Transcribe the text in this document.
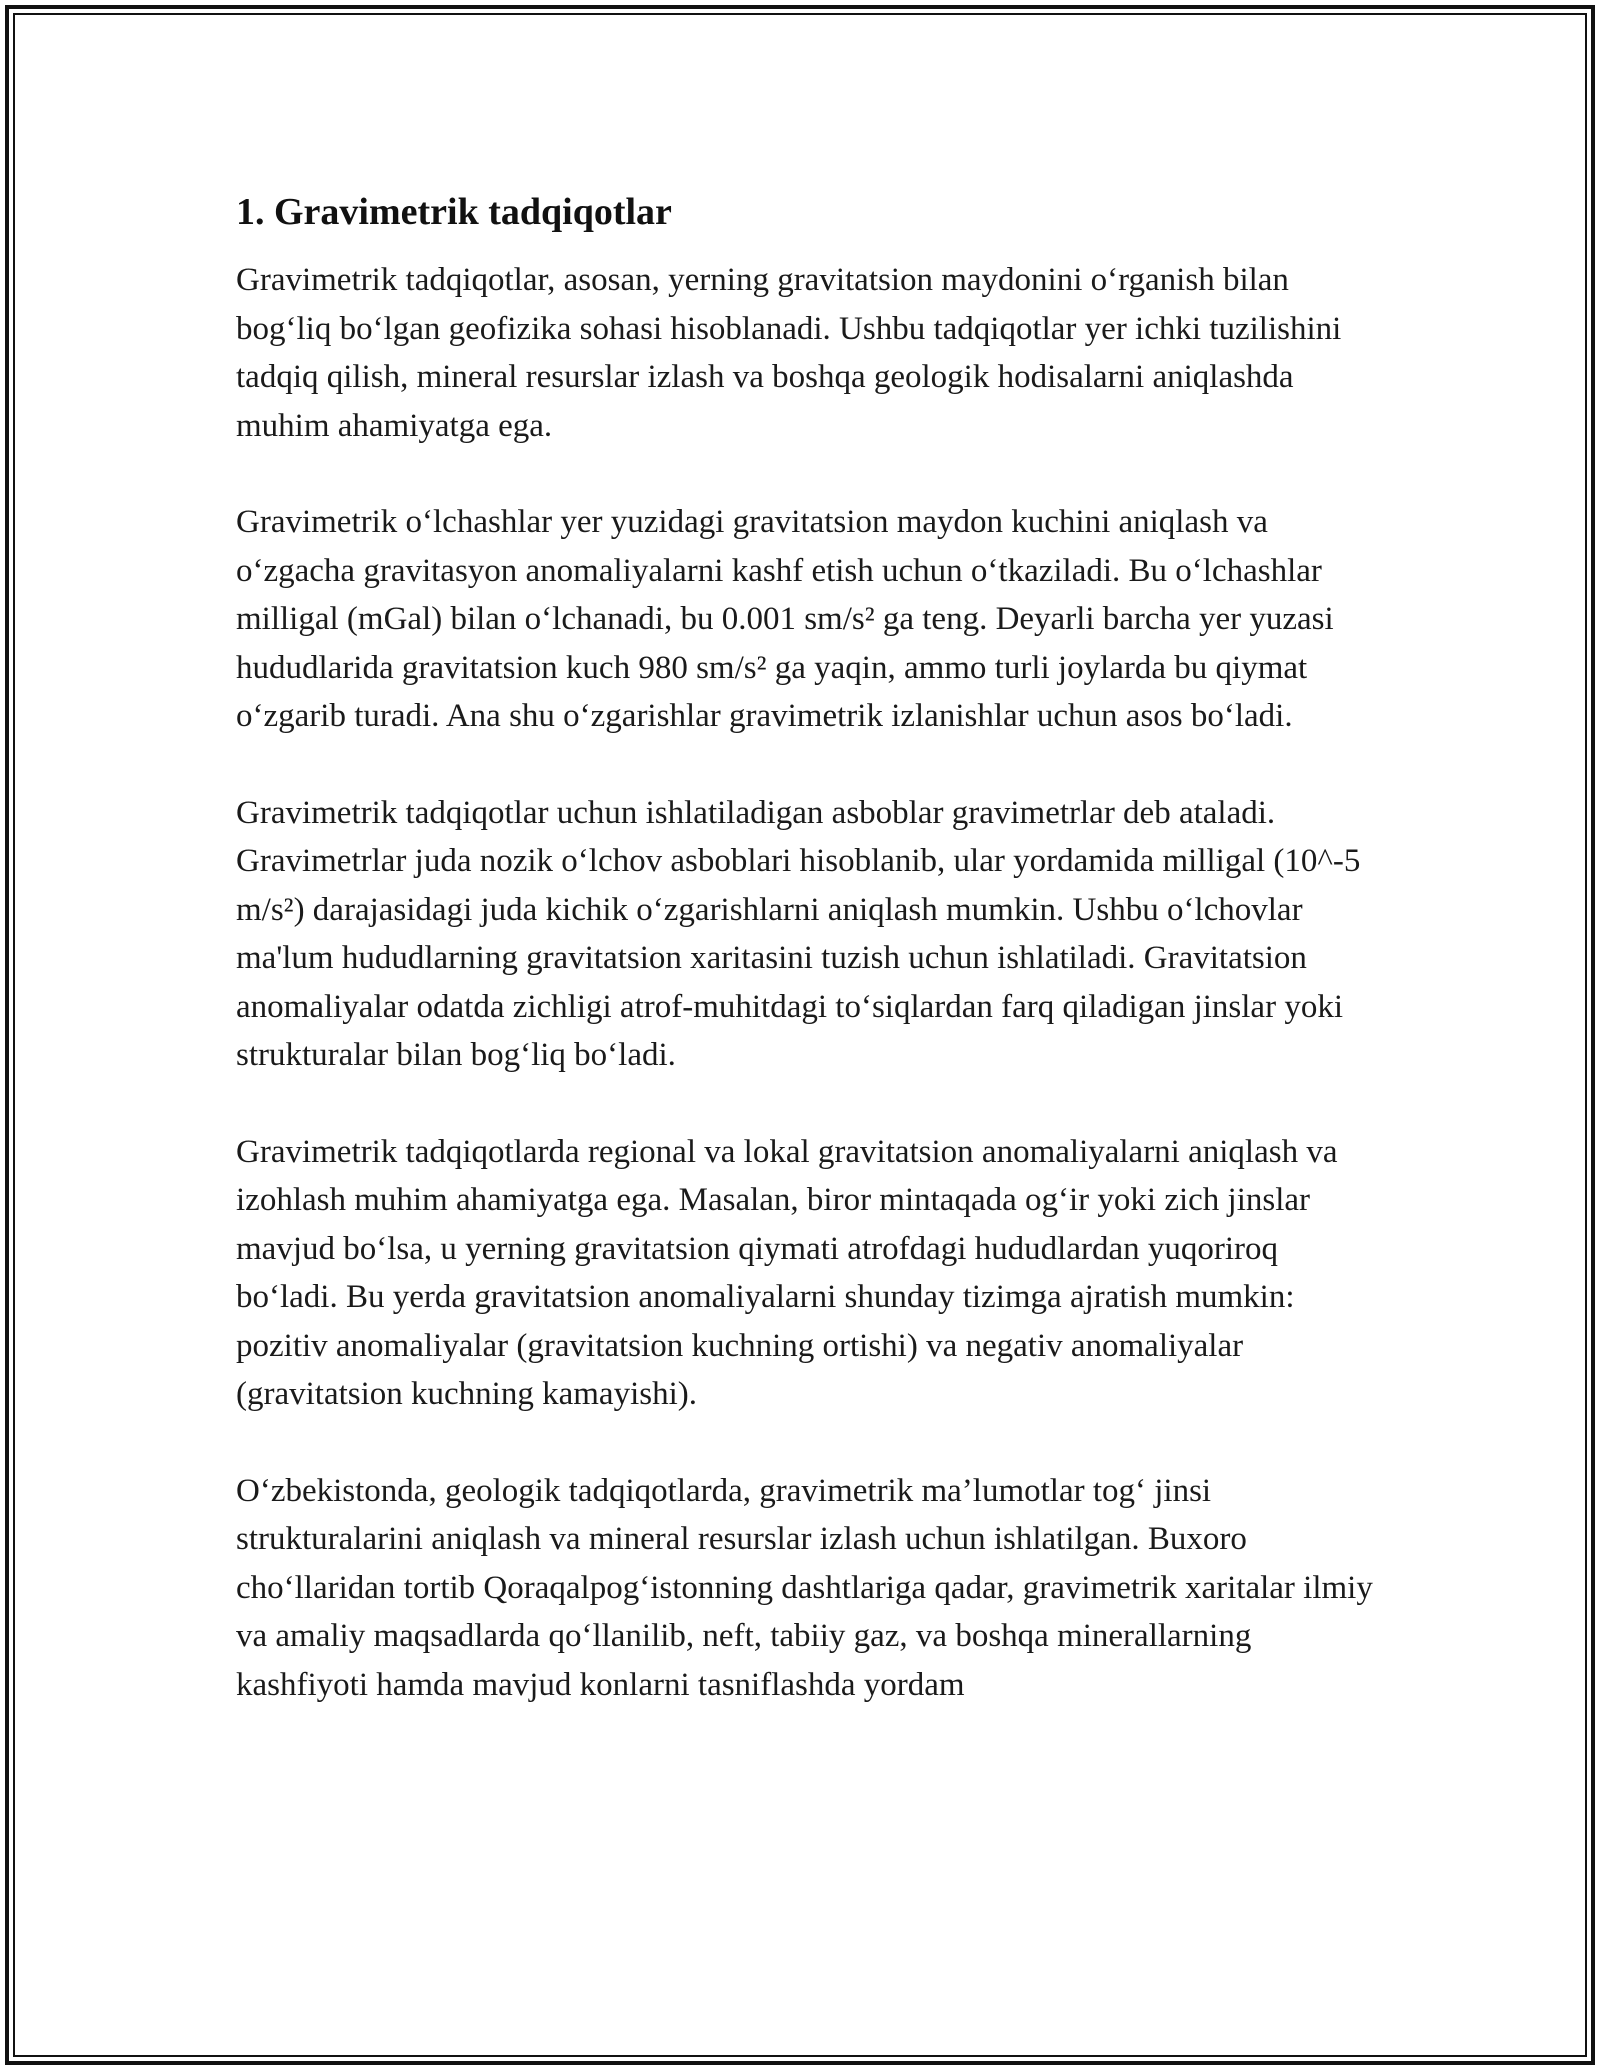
1. Gravimetrik tadqiqotlar

Gravimetrik tadqiqotlar, asosan, yerning gravitatsion maydonini o‘rganish bilan bog‘liq bo‘lgan geofizika sohasi hisoblanadi. Ushbu tadqiqotlar yer ichki tuzilishini tadqiq qilish, mineral resurslar izlash va boshqa geologik hodisalarni aniqlashda muhim ahamiyatga ega.

Gravimetrik o‘lchashlar yer yuzidagi gravitatsion maydon kuchini aniqlash va o‘zgacha gravitasyon anomaliyalarni kashf etish uchun o‘tkaziladi. Bu o‘lchashlar milligal (mGal) bilan o‘lchanadi, bu 0.001 sm/s² ga teng. Deyarli barcha yer yuzasi hududlarida gravitatsion kuch 980 sm/s² ga yaqin, ammo turli joylarda bu qiymat o‘zgarib turadi. Ana shu o‘zgarishlar gravimetrik izlanishlar uchun asos bo‘ladi.

Gravimetrik tadqiqotlar uchun ishlatiladigan asboblar gravimetrlar deb ataladi. Gravimetrlar juda nozik o‘lchov asboblari hisoblanib, ular yordamida milligal (10^-5 m/s²) darajasidagi juda kichik o‘zgarishlarni aniqlash mumkin. Ushbu o‘lchovlar ma'lum hududlarning gravitatsion xaritasini tuzish uchun ishlatiladi. Gravitatsion anomaliyalar odatda zichligi atrof-muhitdagi to‘siqlardan farq qiladigan jinslar yoki strukturalar bilan bog‘liq bo‘ladi.

Gravimetrik tadqiqotlarda regional va lokal gravitatsion anomaliyalarni aniqlash va izohlash muhim ahamiyatga ega. Masalan, biror mintaqada og‘ir yoki zich jinslar mavjud bo‘lsa, u yerning gravitatsion qiymati atrofdagi hududlardan yuqoriroq bo‘ladi. Bu yerda gravitatsion anomaliyalarni shunday tizimga ajratish mumkin: pozitiv anomaliyalar (gravitatsion kuchning ortishi) va negativ anomaliyalar (gravitatsion kuchning kamayishi).

O‘zbekistonda, geologik tadqiqotlarda, gravimetrik ma’lumotlar tog‘ jinsi strukturalarini aniqlash va mineral resurslar izlash uchun ishlatilgan. Buxoro cho‘llaridan tortib Qoraqalpog‘istonning dashtlariga qadar, gravimetrik xaritalar ilmiy va amaliy maqsadlarda qo‘llanilib, neft, tabiiy gaz, va boshqa minerallarning kashfiyoti hamda mavjud konlarni tasniflashda yordam
